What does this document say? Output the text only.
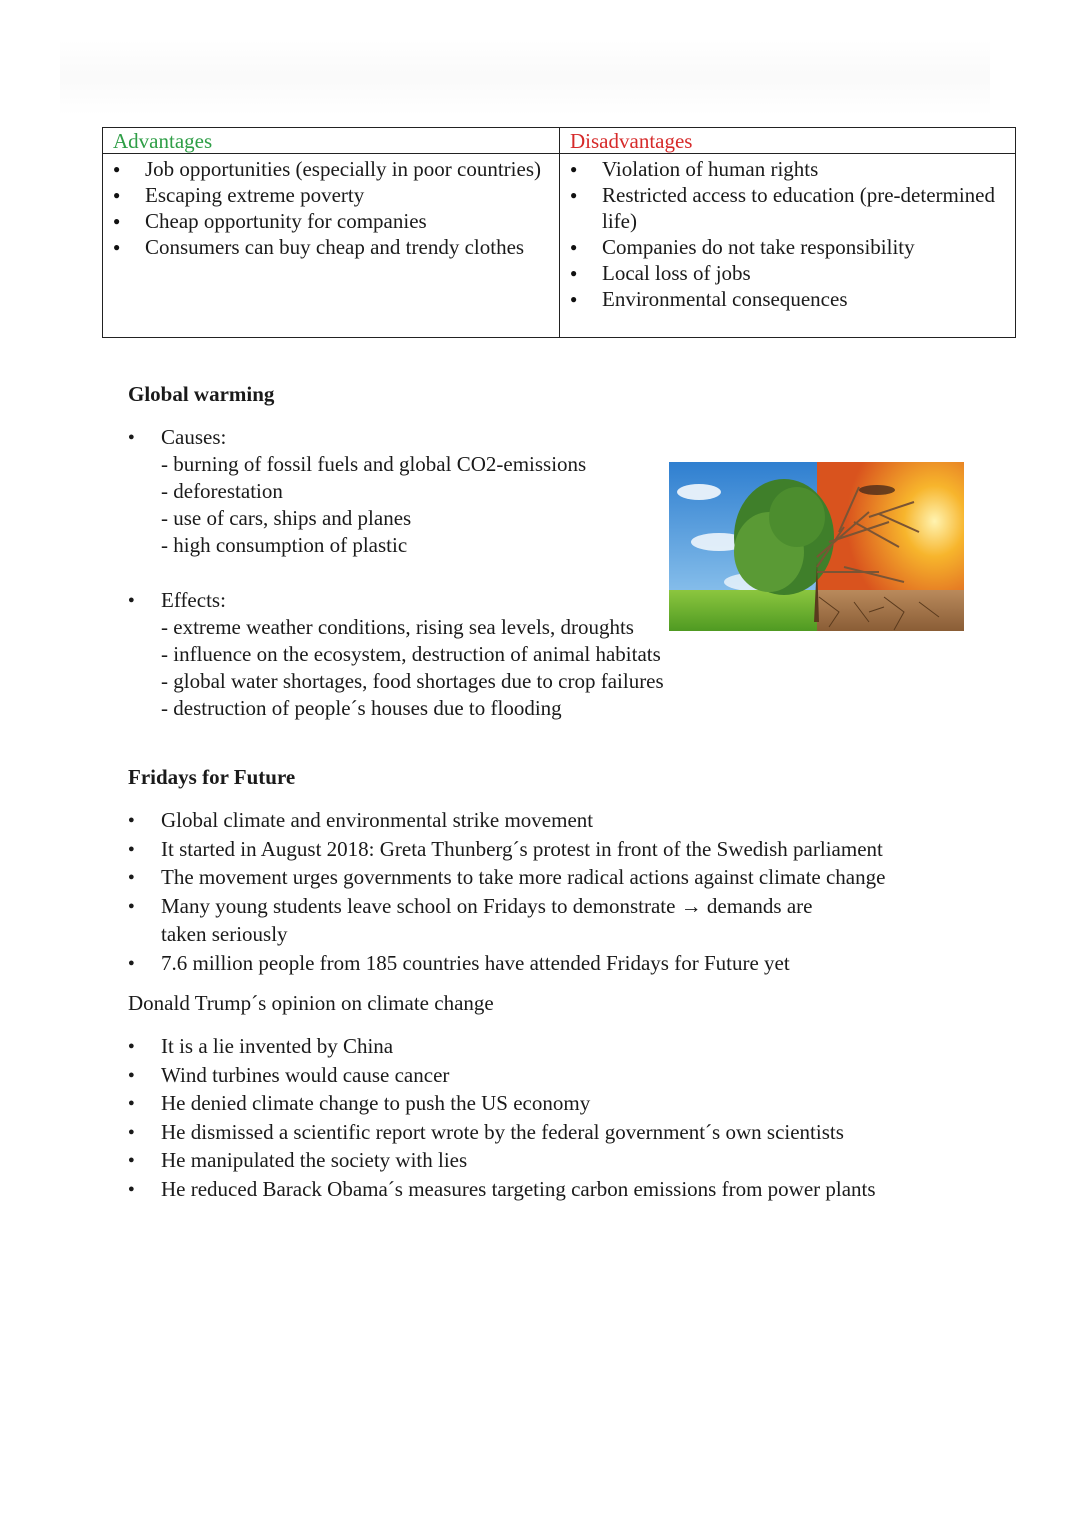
Advantages
● Job opportunities (especially in poor countries)
● Escaping extreme poverty
● Cheap opportunity for companies
● Consumers can buy cheap and trendy clothes
Disadvantages
● Violation of human rights
● Restricted access to education (pre-determined life)
● Companies do not take responsibility
● Local loss of jobs
● Environmental consequences
Global warming
● Causes:
- burning of fossil fuels and global CO2-emissions
- deforestation
- use of cars, ships and planes
- high consumption of plastic
● Effects:
- extreme weather conditions, rising sea levels, droughts
- influence on the ecosystem, destruction of animal habitats
- global water shortages, food shortages due to crop failures
- destruction of people´s houses due to flooding
Fridays for Future
● Global climate and environmental strike movement
● It started in August 2018: Greta Thunberg´s protest in front of the Swedish parliament
● The movement urges governments to take more radical actions against climate change
● Many young students leave school on Fridays to demonstrate → demands are taken seriously
● 7.6 million people from 185 countries have attended Fridays for Future yet
Donald Trump´s opinion on climate change
● It is a lie invented by China
● Wind turbines would cause cancer
● He denied climate change to push the US economy
● He dismissed a scientific report wrote by the federal government´s own scientists
● He manipulated the society with lies
● He reduced Barack Obama´s measures targeting carbon emissions from power plants
